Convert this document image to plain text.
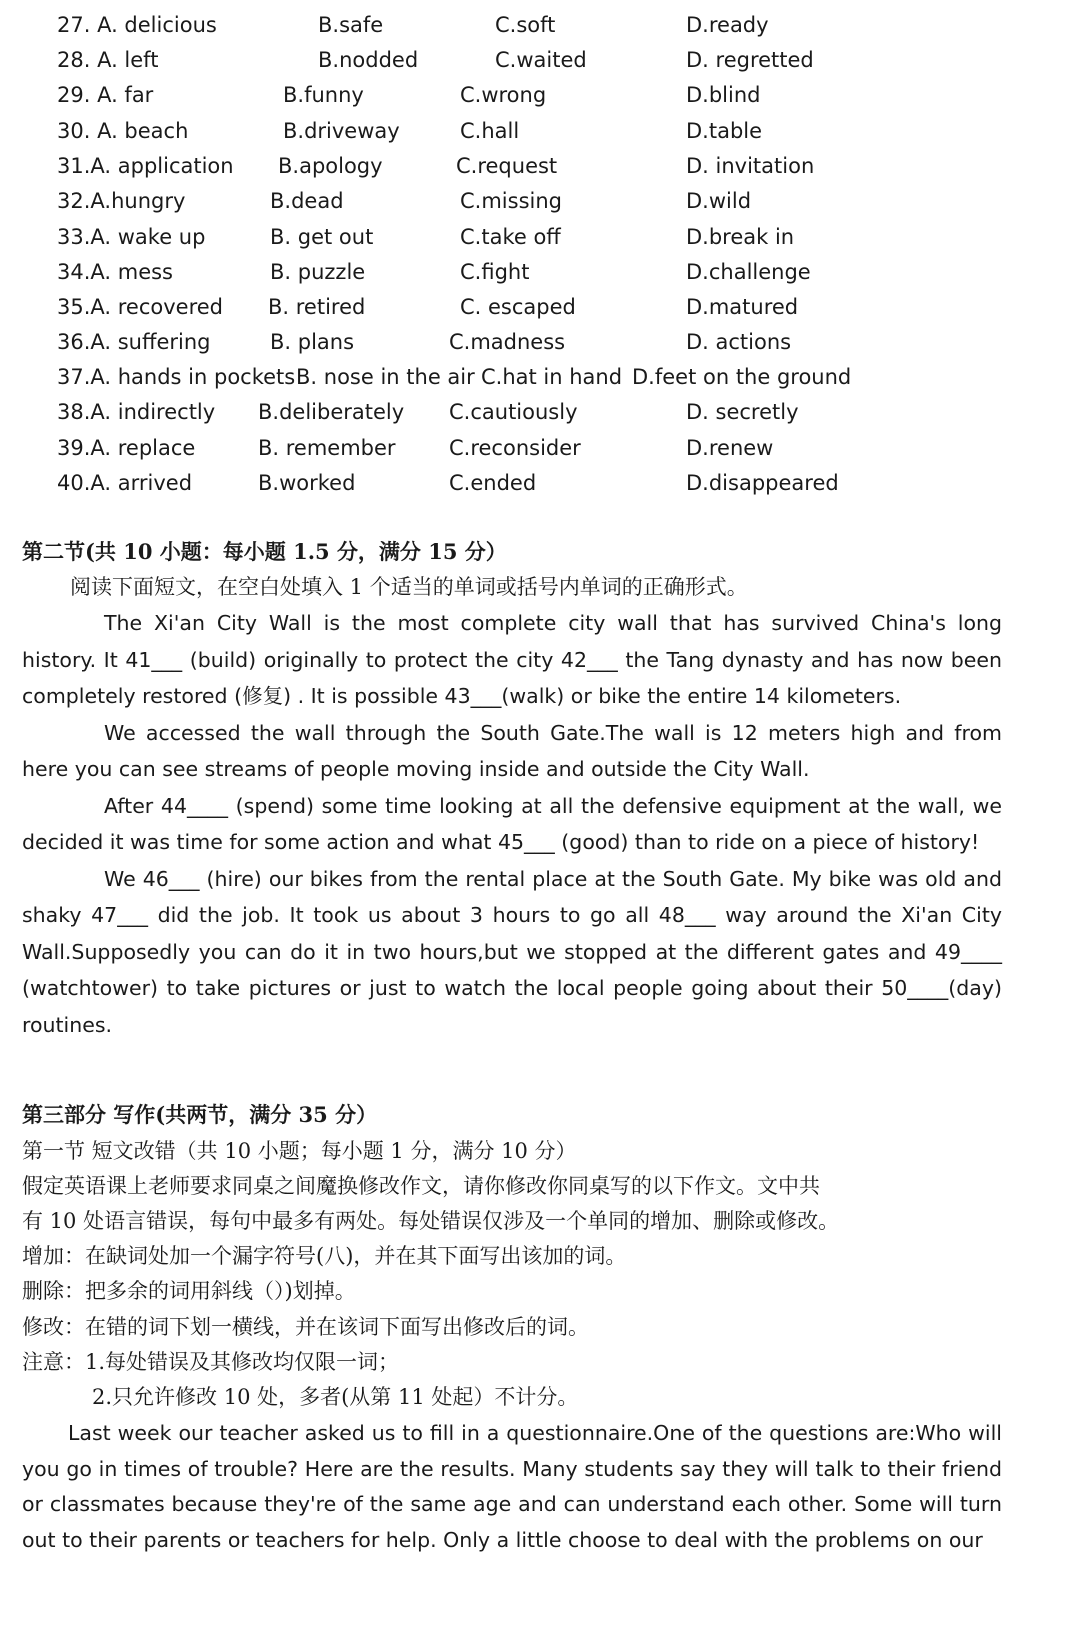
27. A. delicious	B.safe	C.soft	D.ready
28. A. left	B.nodded	C.waited	D. regretted
29. A. far	B.funny	C.wrong	D.blind
30. A. beach	B.driveway	C.hall	D.table
31.A. application B.apology	C.request	D. invitation
32.A.hungry	B.dead	C.missing	D.wild
33.A. wake up	B. get out	C.take off	D.break in
34.A. mess	B. puzzle	C.fight	D.challenge
35.A. recovered B. retired	C. escaped	D.matured
36.A. suffering	B. plans	C.madness	D. actions
37.A. hands in pockets B. nose in the air C.hat in hand D.feet on the ground
38.A. indirectly B.deliberately C.cautiously	D. secretly
39.A. replace	B. remember	C.reconsider	D.renew
40.A. arrived	B.worked	C.ended	D.disappeared
第二节(共 10 小题：每小题 1.5 分，满分 15 分）
阅读下面短文，在空白处填入 1 个适当的单词或括号内单词的正确形式。

The Xi'an City Wall is the most complete city wall that has survived China's long history. It 41___ (build) originally to protect the city 42___ the Tang dynasty and has now been completely restored (修复) . It is possible 43___(walk) or bike the entire 14 kilometers.

We accessed the wall through the South Gate.The wall is 12 meters high and from here you can see streams of people moving inside and outside the City Wall.

After 44____ (spend) some time looking at all the defensive equipment at the wall, we decided it was time for some action and what 45___ (good) than to ride on a piece of history!

We 46___ (hire) our bikes from the rental place at the South Gate. My bike was old and shaky 47___ did the job. It took us about 3 hours to go all 48___ way around the Xi'an City Wall.Supposedly you can do it in two hours,but we stopped at the different gates and 49____ (watchtower) to take pictures or just to watch the local people going about their 50____(day) routines.

第三部分 写作(共两节，满分 35 分）
第一节 短文改错（共 10 小题；每小题 1 分，满分 10 分）
假定英语课上老师要求同桌之间魔换修改作文，请你修改你同桌写的以下作文。文中共
有 10 处语言错误，每句中最多有两处。每处错误仅涉及一个单同的增加、删除或修改。
增加：在缺词处加一个漏字符号(八)，并在其下面写出该加的词。
删除：把多余的词用斜线（）)划掉。
修改：在错的词下划一横线，并在该词下面写出修改后的词。
注意：1.每处错误及其修改均仅限一词；
2.只允许修改 10 处，多者(从第 11 处起）不计分。

Last week our teacher asked us to fill in a questionnaire.One of the questions are:Who will you go in times of trouble? Here are the results. Many students say they will talk to their friend or classmates because they're of the same age and can understand each other. Some will turn out to their parents or teachers for help. Only a little choose to deal with the problems on our
